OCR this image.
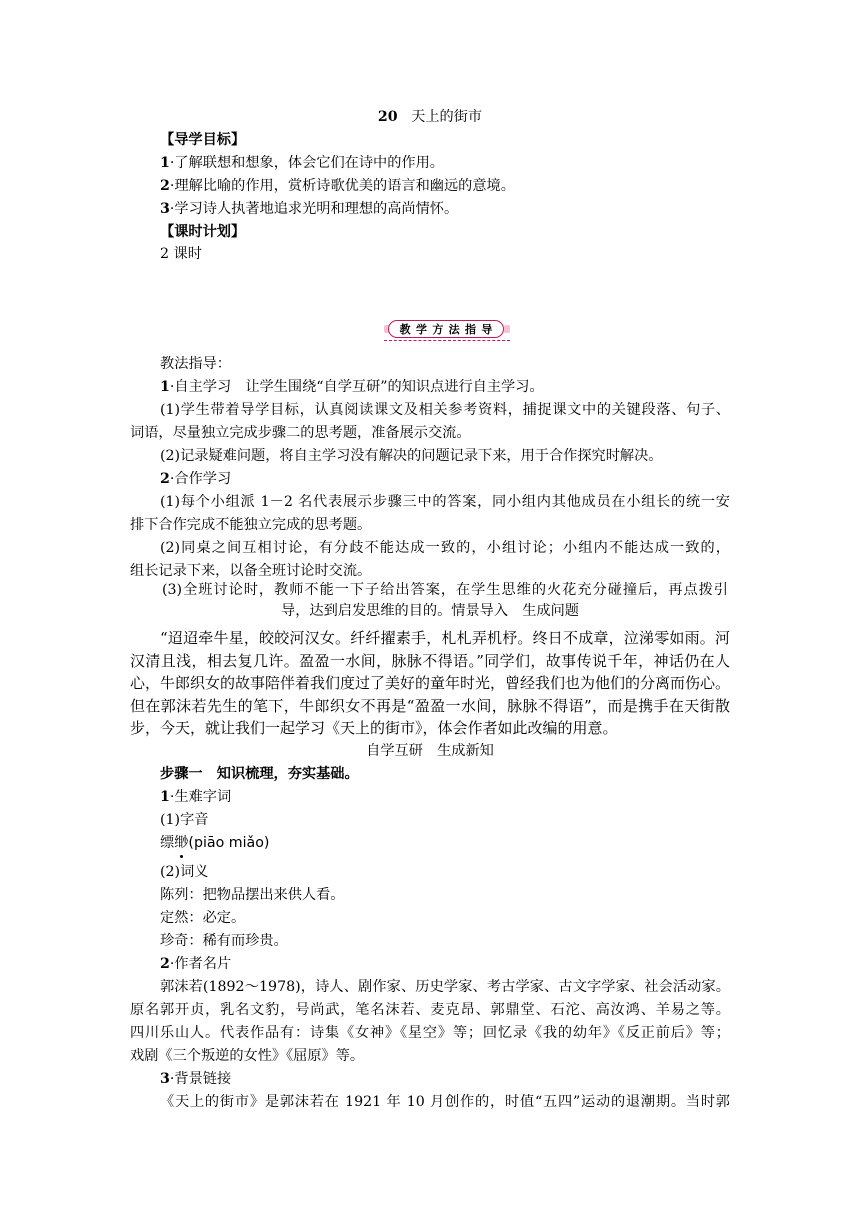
20 天上的街市
【导学目标】
1·了解联想和想象，体会它们在诗中的作用。
2·理解比喻的作用，赏析诗歌优美的语言和幽远的意境。
3·学习诗人执著地追求光明和理想的高尚情怀。
【课时计划】
2 课时
教 学 方 法 指 导
教法指导：
1·自主学习　让学生围绕“自学互研”的知识点进行自主学习。
(1)学生带着导学目标，认真阅读课文及相关参考资料，捕捉课文中的关键段落、句子、
词语，尽量独立完成步骤二的思考题，准备展示交流。
(2)记录疑难问题，将自主学习没有解决的问题记录下来，用于合作探究时解决。
2·合作学习
(1)每个小组派 1－2 名代表展示步骤三中的答案，同小组内其他成员在小组长的统一安
排下合作完成不能独立完成的思考题。
(2)同桌之间互相讨论，有分歧不能达成一致的，小组讨论；小组内不能达成一致的，
组长记录下来，以备全班讨论时交流。
(3)全班讨论时，教师不能一下子给出答案，在学生思维的火花充分碰撞后，再点拨引
导，达到启发思维的目的。情景导入　生成问题
“迢迢牵牛星，皎皎河汉女。纤纤擢素手，札札弄机杼。终日不成章，泣涕零如雨。河
汉清且浅，相去复几许。盈盈一水间，脉脉不得语。”同学们，故事传说千年，神话仍在人
心，牛郎织女的故事陪伴着我们度过了美好的童年时光，曾经我们也为他们的分离而伤心。
但在郭沫若先生的笔下，牛郎织女不再是“盈盈一水间，脉脉不得语”，而是携手在天街散
步，今天，就让我们一起学习《天上的街市》，体会作者如此改编的用意。
自学互研　生成新知
步骤一　知识梳理，夯实基础。
1·生难字词
(1)字音
缥缈(piāo miǎo)
(2)词义
陈列：把物品摆出来供人看。
定然：必定。
珍奇：稀有而珍贵。
2·作者名片
郭沫若(1892～1978)，诗人、剧作家、历史学家、考古学家、古文字学家、社会活动家。
原名郭开贞，乳名文豹，号尚武，笔名沫若、麦克昂、郭鼎堂、石沱、高汝鸿、羊易之等。
四川乐山人。代表作品有：诗集《女神》《星空》等；回忆录《我的幼年》《反正前后》等；
戏剧《三个叛逆的女性》《屈原》等。
3·背景链接
《天上的街市》是郭沫若在 1921 年 10 月创作的，时值“五四”运动的退潮期。当时郭
